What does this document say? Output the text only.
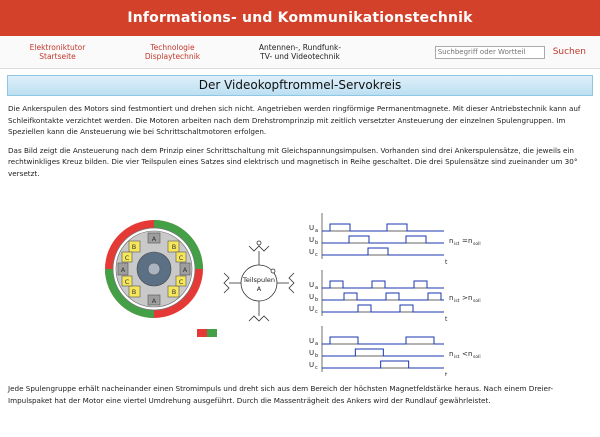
Informations- und Kommunikationstechnik
Elektroniktutor
Startseite
Technologie
Displaytechnik
Antennen-, Rundfunk-
TV- und Videotechnik
Suchbegriff oder Wortteil	Suchen
Der Videokopftrommel-Servokreis

Die Ankerspulen des Motors sind festmontiert und drehen sich nicht. Angetrieben werden ringförmige Permanentmagnete. Mit dieser Antriebstechnik kann auf Schleifkontakte verzichtet werden. Die Motoren arbeiten nach dem Drehstromprinzip mit zeitlich versetzter Ansteuerung der einzelnen Spulengruppen. Im Speziellen kann die Ansteuerung wie bei Schrittschaltmotoren erfolgen.

Das Bild zeigt die Ansteuerung nach dem Prinzip einer Schrittschaltung mit Gleichspannungsimpulsen. Vorhanden sind drei Ankerspulensätze, die jeweils ein rechtwinkliges Kreuz bilden. Die vier Teilspulen eines Satzes sind elektrisch und magnetisch in Reihe geschaltet. Die drei Spulensätze sind zueinander um 30° versetzt.

A
A
A	A
B	B
B	B
C	C
C	C	Teilspulen
A
U a
U b
U c
t
n ist = n soll
U a
U b
U c
t
n ist > n soll
U a
U b
U c
t
n ist < n soll

Jede Spulengruppe erhält nacheinander einen Stromimpuls und dreht sich aus dem Bereich der höchsten Magnetfeldstärke heraus. Nach einem Dreier-Impulspaket hat der Motor eine viertel Umdrehung ausgeführt. Durch die Massenträgheit des Ankers wird der Rundlauf gewährleistet.
